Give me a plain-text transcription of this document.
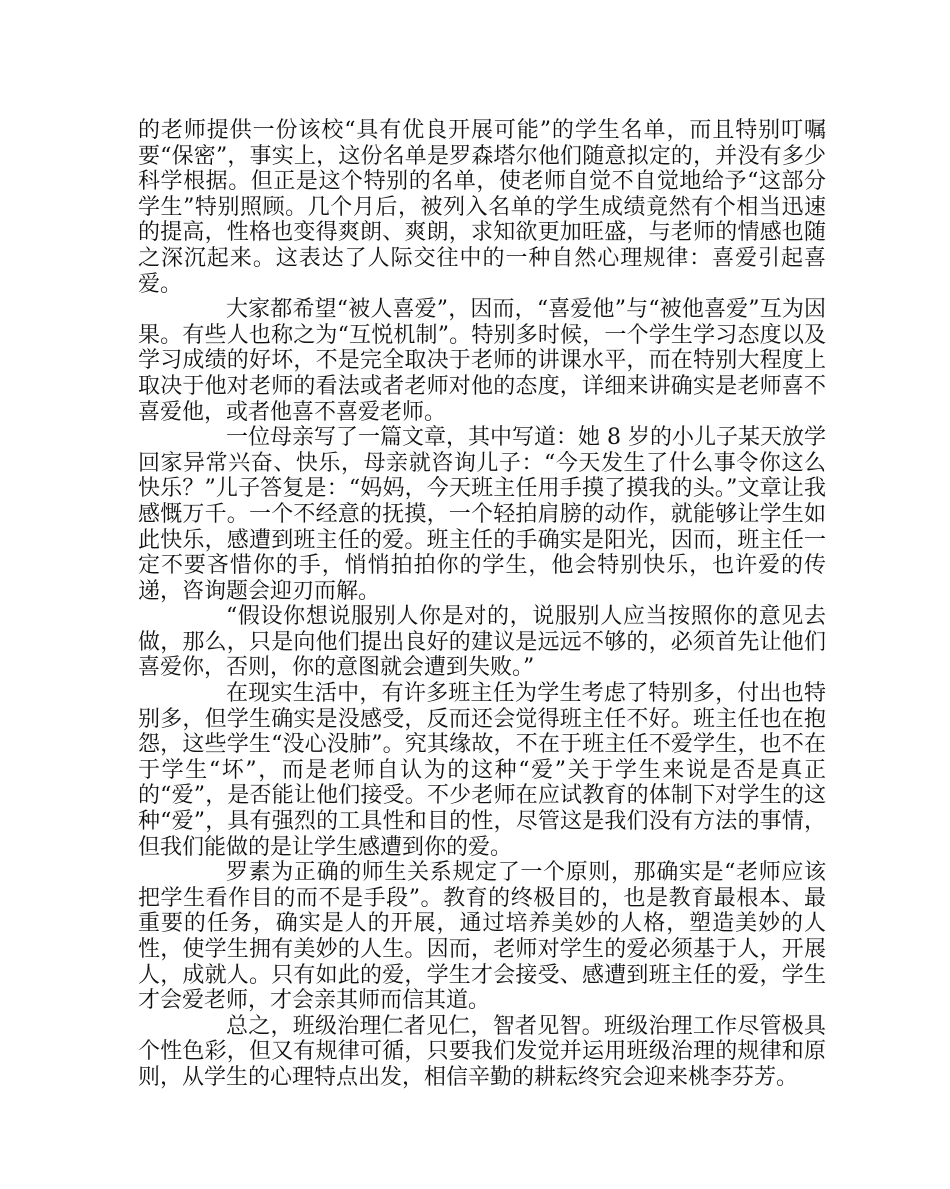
的老师提供一份该校“具有优良开展可能”的学生名单，而且特别叮嘱要“保密”，事实上，这份名单是罗森塔尔他们随意拟定的，并没有多少科学根据。但正是这个特别的名单，使老师自觉不自觉地给予“这部分学生”特别照顾。几个月后，被列入名单的学生成绩竟然有个相当迅速的提高，性格也变得爽朗、爽朗，求知欲更加旺盛，与老师的情感也随之深沉起来。这表达了人际交往中的一种自然心理规律：喜爱引起喜爱。

大家都希望“被人喜爱”，因而，“喜爱他”与“被他喜爱”互为因果。有些人也称之为“互悦机制”。特别多时候，一个学生学习态度以及学习成绩的好坏，不是完全取决于老师的讲课水平，而在特别大程度上取决于他对老师的看法或者老师对他的态度，详细来讲确实是老师喜不喜爱他，或者他喜不喜爱老师。

一位母亲写了一篇文章，其中写道：她 8 岁的小儿子某天放学回家异常兴奋、快乐，母亲就咨询儿子：“今天发生了什么事令你这么快乐？”儿子答复是：“妈妈，今天班主任用手摸了摸我的头。”文章让我感慨万千。一个不经意的抚摸，一个轻拍肩膀的动作，就能够让学生如此快乐，感遭到班主任的爱。班主任的手确实是阳光，因而，班主任一定不要吝惜你的手，悄悄拍拍你的学生，他会特别快乐，也许爱的传递，咨询题会迎刃而解。

“假设你想说服别人你是对的，说服别人应当按照你的意见去做，那么，只是向他们提出良好的建议是远远不够的，必须首先让他们喜爱你，否则，你的意图就会遭到失败。”

在现实生活中，有许多班主任为学生考虑了特别多，付出也特别多，但学生确实是没感受，反而还会觉得班主任不好。班主任也在抱怨，这些学生“没心没肺”。究其缘故，不在于班主任不爱学生，也不在于学生“坏”，而是老师自认为的这种“爱”关于学生来说是否是真正的“爱”，是否能让他们接受。不少老师在应试教育的体制下对学生的这种“爱”，具有强烈的工具性和目的性，尽管这是我们没有方法的事情，但我们能做的是让学生感遭到你的爱。

罗素为正确的师生关系规定了一个原则，那确实是“老师应该把学生看作目的而不是手段”。教育的终极目的，也是教育最根本、最重要的任务，确实是人的开展，通过培养美妙的人格，塑造美妙的人性，使学生拥有美妙的人生。因而，老师对学生的爱必须基于人，开展人，成就人。只有如此的爱，学生才会接受、感遭到班主任的爱，学生才会爱老师，才会亲其师而信其道。

总之，班级治理仁者见仁，智者见智。班级治理工作尽管极具个性色彩，但又有规律可循，只要我们发觉并运用班级治理的规律和原则，从学生的心理特点出发，相信辛勤的耕耘终究会迎来桃李芬芳。
